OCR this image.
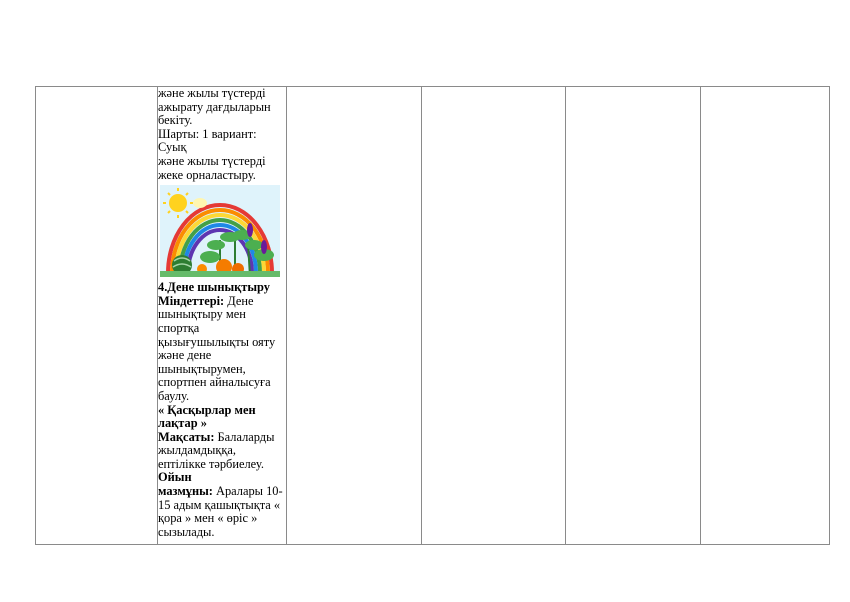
және жылы түстерді

ажырату дағдыларын

бекіту.

Шарты: 1 вариант: Суық

және жылы түстерді

жеке орналастыру.

4.Дене шынықтыру

Міндеттері: Дене

шынықтыру мен

спортқа

қызығушылықты ояту

және дене

шынықтырумен,

спортпен айналысуға

баулу.

« Қасқырлар мен

лақтар »

Мақсаты: Балаларды

жылдамдыққа,

ептілікке тәрбиелеу.

Ойын

мазмұны: Аралары 10-

15 адым қашықтықта «

қора » мен « өріс »

сызылады.
